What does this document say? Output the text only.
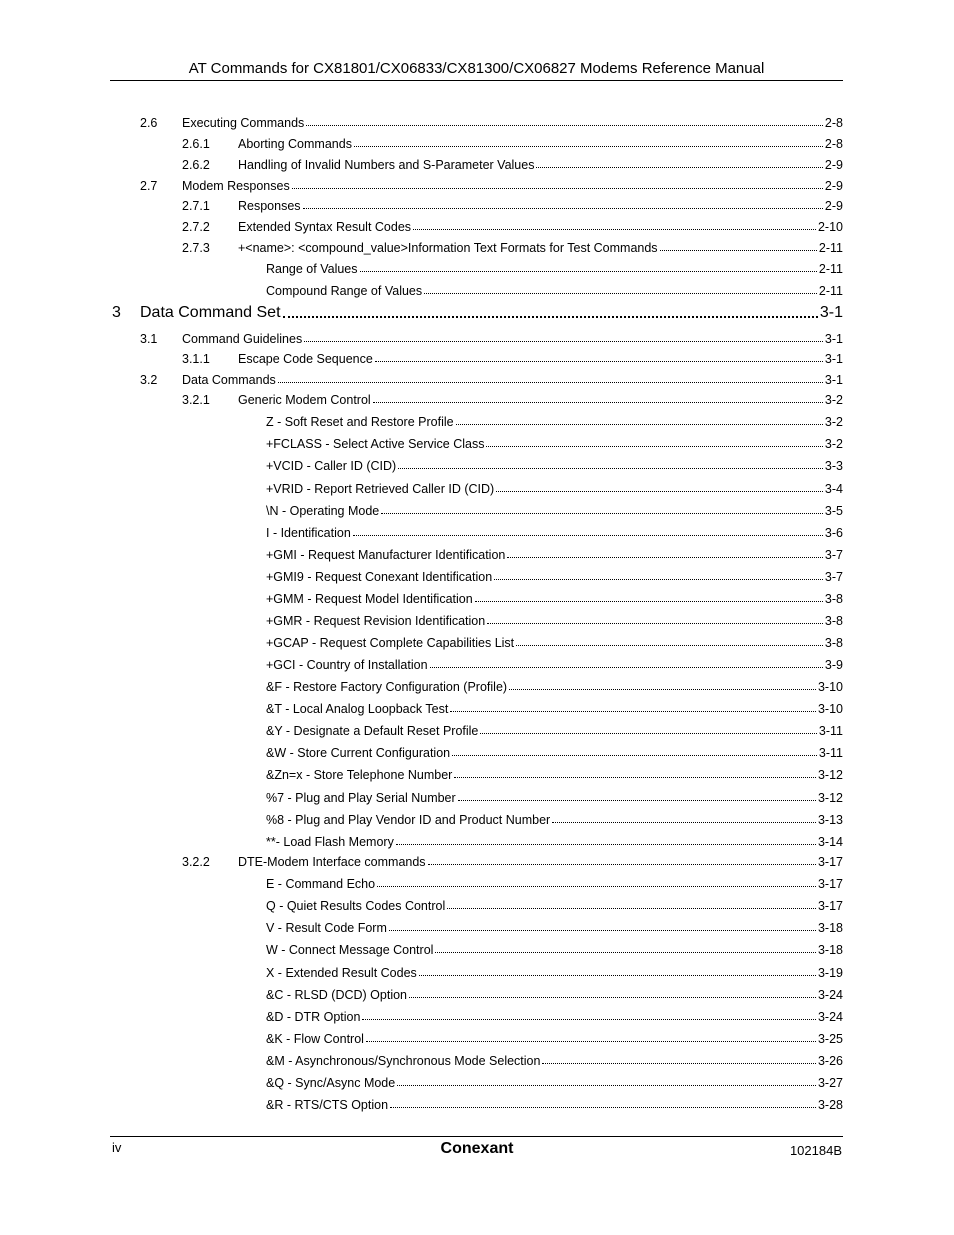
AT Commands for CX81801/CX06833/CX81300/CX06827 Modems Reference Manual
2.6 Executing Commands	2-8
2.6.1 Aborting Commands	2-8
2.6.2 Handling of Invalid Numbers and S-Parameter Values	2-9
2.7 Modem Responses	2-9
2.7.1 Responses	2-9
2.7.2 Extended Syntax Result Codes	2-10
2.7.3 +<name>: <compound_value>Information Text Formats for Test Commands	2-11
Range of Values	2-11
Compound Range of Values	2-11
3 Data Command Set	3-1
3.1 Command Guidelines	3-1
3.1.1 Escape Code Sequence	3-1
3.2 Data Commands	3-1
3.2.1 Generic Modem Control	3-2
Z - Soft Reset and Restore Profile	3-2
+FCLASS - Select Active Service Class	3-2
+VCID - Caller ID (CID)	3-3
+VRID - Report Retrieved Caller ID (CID)	3-4
\N - Operating Mode	3-5
I - Identification	3-6
+GMI - Request Manufacturer Identification	3-7
+GMI9 - Request Conexant Identification	3-7
+GMM - Request Model Identification	3-8
+GMR - Request Revision Identification	3-8
+GCAP - Request Complete Capabilities List	3-8
+GCI - Country of Installation	3-9
&F - Restore Factory Configuration (Profile)	3-10
&T - Local Analog Loopback Test	3-10
&Y - Designate a Default Reset Profile	3-11
&W - Store Current Configuration	3-11
&Zn=x - Store Telephone Number	3-12
%7 - Plug and Play Serial Number	3-12
%8 - Plug and Play Vendor ID and Product Number	3-13
**- Load Flash Memory	3-14
3.2.2 DTE-Modem Interface commands	3-17
E - Command Echo	3-17
Q - Quiet Results Codes Control	3-17
V - Result Code Form	3-18
W - Connect Message Control	3-18
X - Extended Result Codes	3-19
&C - RLSD (DCD) Option	3-24
&D - DTR Option	3-24
&K - Flow Control	3-25
&M - Asynchronous/Synchronous Mode Selection	3-26
&Q - Sync/Async Mode	3-27
&R - RTS/CTS Option	3-28
iv	Conexant	102184B
